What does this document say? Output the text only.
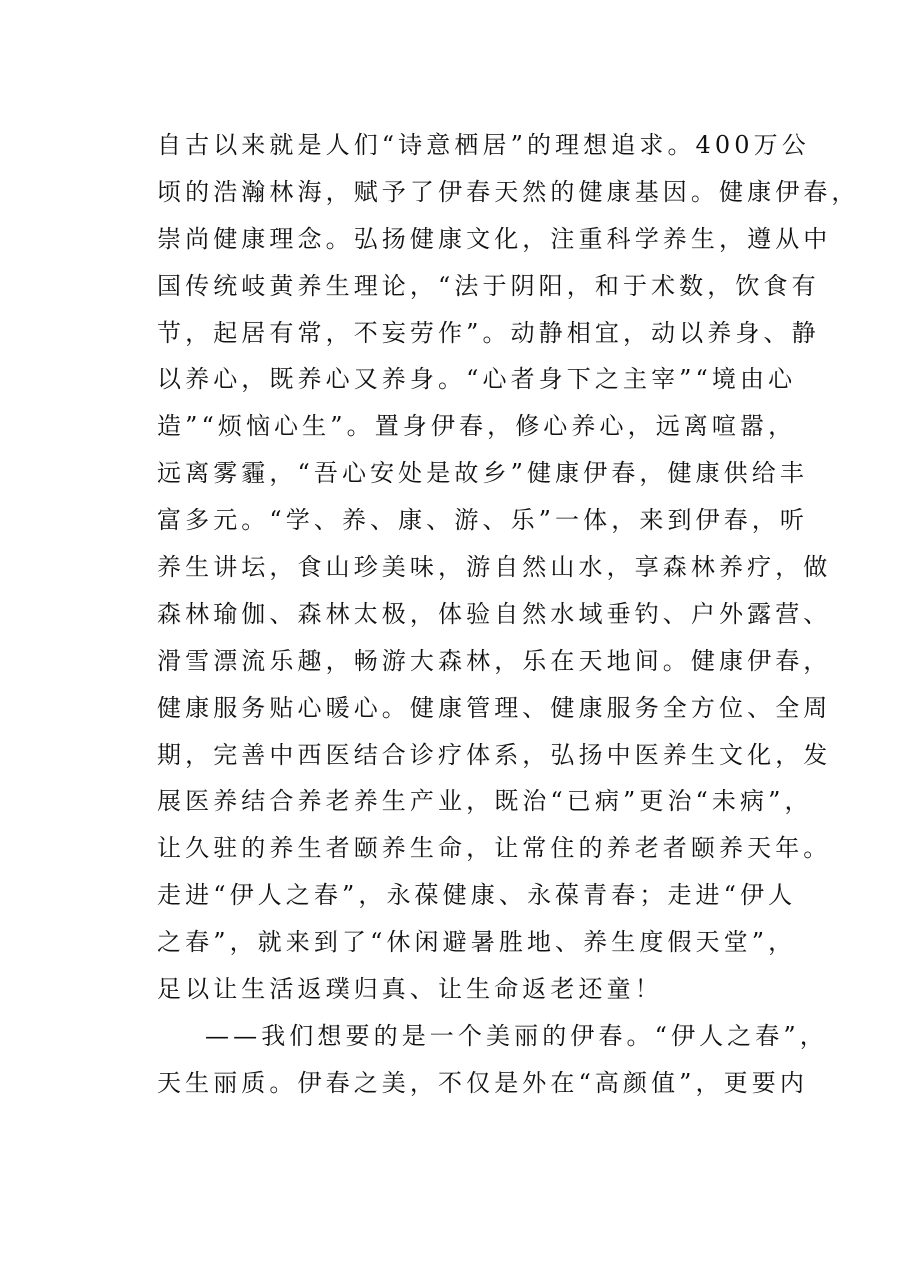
自古以来就是人们“诗意栖居”的理想追求。400万公
顷的浩瀚林海，赋予了伊春天然的健康基因。健康伊春，
崇尚健康理念。弘扬健康文化，注重科学养生，遵从中
国传统岐黄养生理论，“法于阴阳，和于术数，饮食有
节，起居有常，不妄劳作”。动静相宜，动以养身、静
以养心，既养心又养身。“心者身下之主宰”“境由心
造”“烦恼心生”。置身伊春，修心养心，远离喧嚣，
远离雾霾，“吾心安处是故乡”健康伊春，健康供给丰
富多元。“学、养、康、游、乐”一体，来到伊春，听
养生讲坛，食山珍美味，游自然山水，享森林养疗，做
森林瑜伽、森林太极，体验自然水域垂钓、户外露营、
滑雪漂流乐趣，畅游大森林，乐在天地间。健康伊春，
健康服务贴心暖心。健康管理、健康服务全方位、全周
期，完善中西医结合诊疗体系，弘扬中医养生文化，发
展医养结合养老养生产业，既治“已病”更治“未病”，
让久驻的养生者颐养生命，让常住的养老者颐养天年。
走进“伊人之春”，永葆健康、永葆青春；走进“伊人
之春”，就来到了“休闲避暑胜地、养生度假天堂”，
足以让生活返璞归真、让生命返老还童！
——我们想要的是一个美丽的伊春。“伊人之春”，
天生丽质。伊春之美，不仅是外在“高颜值”，更要内
